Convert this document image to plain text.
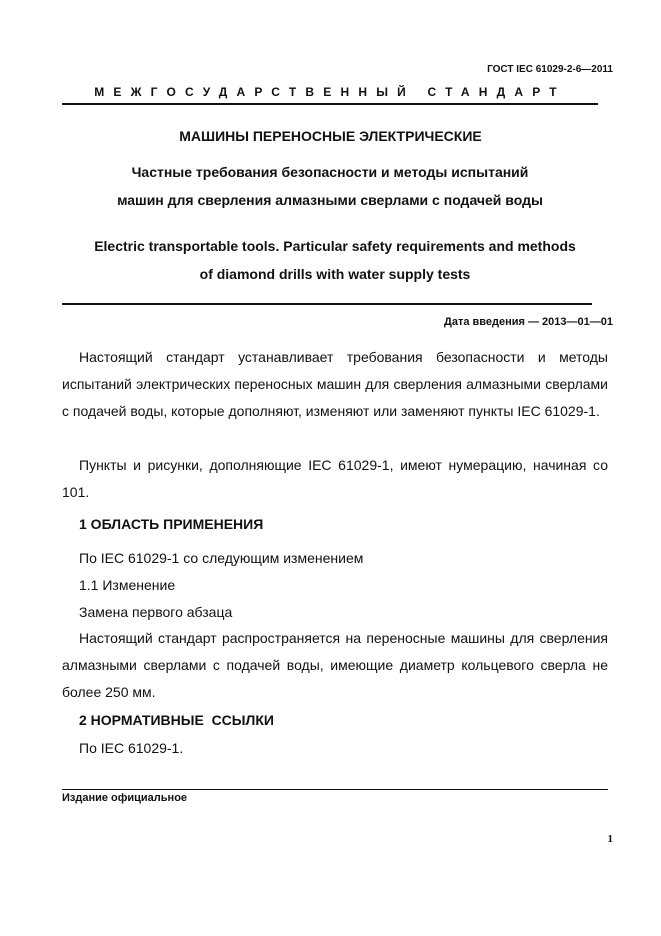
ГОСТ IEC 61029-2-6—2011
МЕЖГОСУДАРСТВЕННЫЙ СТАНДАРТ
МАШИНЫ ПЕРЕНОСНЫЕ ЭЛЕКТРИЧЕСКИЕ
Частные требования безопасности и методы испытаний
машин для сверления алмазными сверлами с подачей воды
Electric transportable tools. Particular safety requirements and methods
of diamond drills with water supply tests
Дата введения — 2013—01—01
Настоящий стандарт устанавливает требования безопасности и методы испытаний электрических переносных машин для сверления алмазными сверлами с подачей воды, которые дополняют, изменяют или заменяют пункты IEC 61029-1.
Пункты и рисунки, дополняющие IEC 61029-1, имеют нумерацию, начиная со 101.
1 ОБЛАСТЬ ПРИМЕНЕНИЯ
По IEC 61029-1 со следующим изменением
1.1 Изменение
Замена первого абзаца
Настоящий стандарт распространяется на переносные машины для сверления алмазными сверлами с подачей воды, имеющие диаметр кольцевого сверла не более 250 мм.
2 НОРМАТИВНЫЕ  ССЫЛКИ
По IEC 61029-1.
Издание официальное
1
